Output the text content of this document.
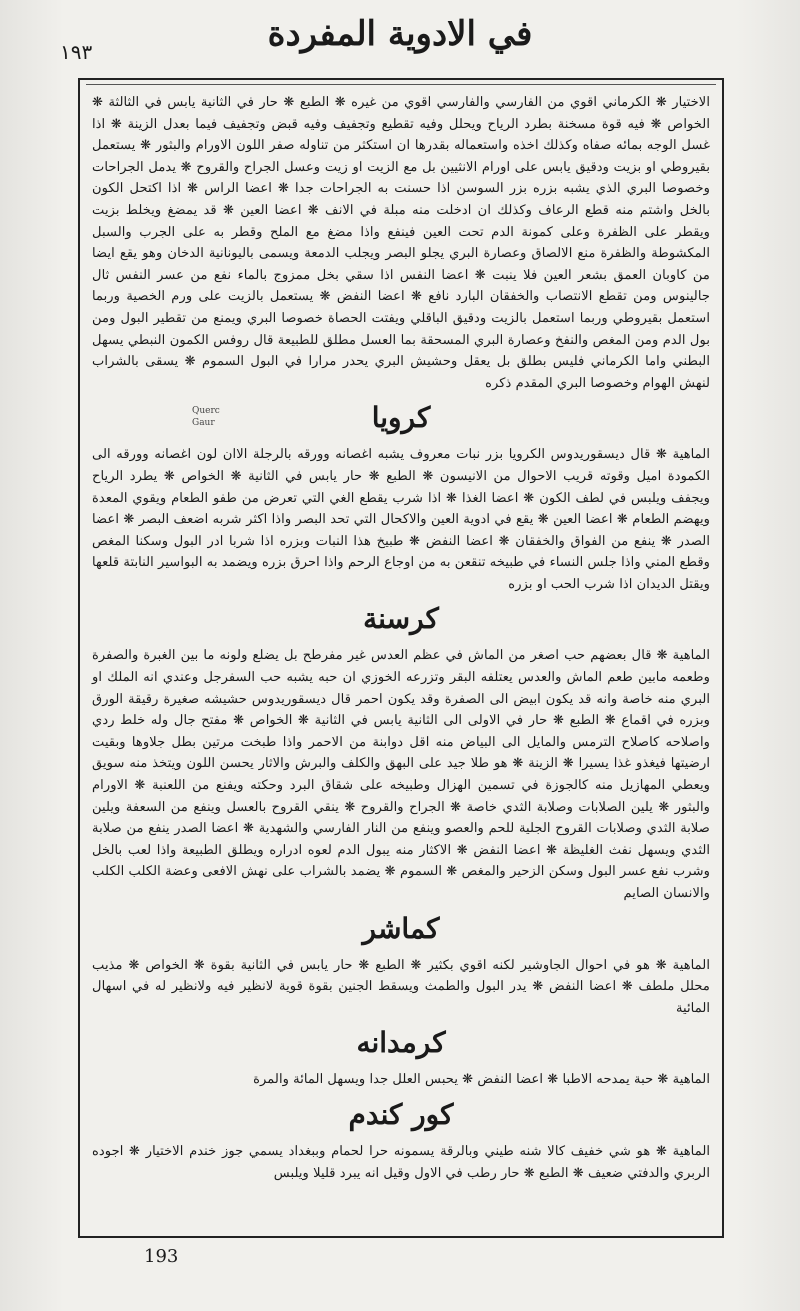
في الادوية المفردة
١٩٣

الاختيار ❋ الكرماني اقوي من الفارسي والفارسي اقوي من غيره ❋ الطبع ❋ حار في الثانية يابس في الثالثة ❋ الخواص ❋ فيه قوة مسخنة بطرد الرياح ويحلل وفيه تقطيع وتجفيف وفيه قبض وتجفيف فيما بعدل الزينة ❋ اذا غسل الوجه بمائه صفاه وكذلك اخذه واستعماله بقدرها ان استكثر من تناوله صفر اللون الاورام والبثور ❋ يستعمل بقيروطي او بزيت ودقيق يابس على اورام الانثيين بل مع الزيت او زيت وعسل الجراح والقروح ❋ يدمل الجراحات وخصوصا البري الذي يشبه بزره بزر السوسن اذا حسنت به الجراحات جدا ❋ اعضا الراس ❋ اذا اكتحل الكون بالخل واشتم منه قطع الرعاف وكذلك ان ادخلت منه مبلة في الانف ❋ اعضا العين ❋ قد يمضغ ويخلط بزيت ويقطر على الظفرة وعلى كمونة الدم تحت العين فينفع واذا مضغ مع الملح وقطر به على الجرب والسبل المكشوطة والظفرة منع الالصاق وعصارة البري يجلو البصر ويجلب الدمعة ويسمى باليونانية الدخان وهو يقع ايضا من كاوبان العمق بشعر العين فلا ينبت ❋ اعضا النفس اذا سقي بخل ممزوج بالماء نفع من عسر النفس ثال جالينوس ومن تقطع الانتصاب والخفقان البارد نافع ❋ اعضا النفض ❋ يستعمل بالزيت على ورم الخصية وربما استعمل بقيروطي وربما استعمل بالزيت ودقيق الباقلي ويفتت الحصاة خصوصا البري ويمنع من تقطير البول ومن بول الدم ومن المغص والنفخ وعصارة البري المسحقة بما العسل مطلق للطبيعة قال روفس الكمون النبطي يسهل البطني واما الكرماني فليس بطلق بل يعقل وحشيش البري يحدر مرارا في البول السموم ❋ يسقى بالشراب لنهش الهوام وخصوصا البري المقدم ذكره

كرويا
Querc
Gaur

الماهية ❋ قال ديسقوريدوس الكرويا بزر نبات معروف يشبه اغصانه وورقه بالرجلة الاان لون اغصانه وورقه الى الكمودة اميل وقوته قريب الاحوال من الانيسون ❋ الطبع ❋ حار يابس في الثانية ❋ الخواص ❋ يطرد الرياح ويجفف ويلبس في لطف الكون ❋ اعضا الغذا ❋ اذا شرب يقطع الغي التي تعرض من طفو الطعام ويقوي المعدة ويهضم الطعام ❋ اعضا العين ❋ يقع في ادوية العين والاكحال التي تحد البصر واذا اكثر شربه اضعف البصر ❋ اعضا الصدر ❋ ينفع من الفواق والخفقان ❋ اعضا النفض ❋ طبيخ هذا النبات وبزره اذا شربا ادر البول وسكنا المغص وقطع المني واذا جلس النساء في طبيخه تنقعن به من اوجاع الرحم واذا احرق بزره ويضمد به البواسير النابتة قلعها ويقتل الديدان اذا شرب الحب او بزره

كرسنة

الماهية ❋ قال بعضهم حب اصغر من الماش في عظم العدس غير مفرطح بل يضلع ولونه ما بين الغبرة والصفرة وطعمه مابين طعم الماش والعدس يعتلفه البقر وتزرعه الخوزي ان حبه يشبه حب السفرجل وعندي انه الملك او البري منه خاصة وانه قد يكون ابيض الى الصفرة وقد يكون احمر قال ديسقوريدوس حشيشه صغيرة رقيقة الورق وبزره في اقماع ❋ الطبع ❋ حار في الاولى الى الثانية يابس في الثانية ❋ الخواص ❋ مفتح جال وله خلط ردي واصلاحه كاصلاح الترمس والمايل الى البياض منه اقل دوابنة من الاحمر واذا طبخت مرتين بطل جلاوها وبقيت ارضيتها فيغذو غذا يسيرا ❋ الزينة ❋ هو طلا جيد على البهق والكلف والبرش والاثار يحسن اللون ويتخذ منه سويق ويعطي المهازيل منه كالجوزة في تسمين الهزال وطبيخه على شقاق البرد وحكته ويفنع من اللعنبة ❋ الاورام والبثور ❋ يلين الصلابات وصلابة الثدي خاصة ❋ الجراح والقروح ❋ ينقي القروح بالعسل وينفع من السعفة ويلين صلابة الثدي وصلابات القروح الجلية للحم والعصو وينفع من النار الفارسي والشهدية ❋ اعضا الصدر ينفع من صلابة الثدي ويسهل نفث الغليظة ❋ اعضا النفض ❋ الاكثار منه يبول الدم لعوه ادراره ويطلق الطبيعة واذا لعب بالخل وشرب نفع عسر البول وسكن الزحير والمغص ❋ السموم ❋ يضمد بالشراب على نهش الافعى وعضة الكلب الكلب والانسان الصايم

كماشر

الماهية ❋ هو في احوال الجاوشير لكنه اقوي بكثير ❋ الطبع ❋ حار يابس في الثانية بقوة ❋ الخواص ❋ مذيب محلل ملطف ❋ اعضا النفض ❋ يدر البول والطمث ويسقط الجنين بقوة قوية لانظير فيه ولانظير له في اسهال المائية

كرمدانه

الماهية ❋ حبة يمدحه الاطبا ❋ اعضا النفض ❋ يحبس العلل جدا ويسهل المائة والمرة

كور كندم

الماهية ❋ هو شي خفيف كالا شنه طيني وبالرقة يسمونه حرا لحمام وببغداد يسمي جوز خندم الاختيار ❋ اجوده الربري والدفتي ضعيف ❋ الطبع ❋ حار رطب في الاول وقيل انه يبرد قليلا ويلبس

193
